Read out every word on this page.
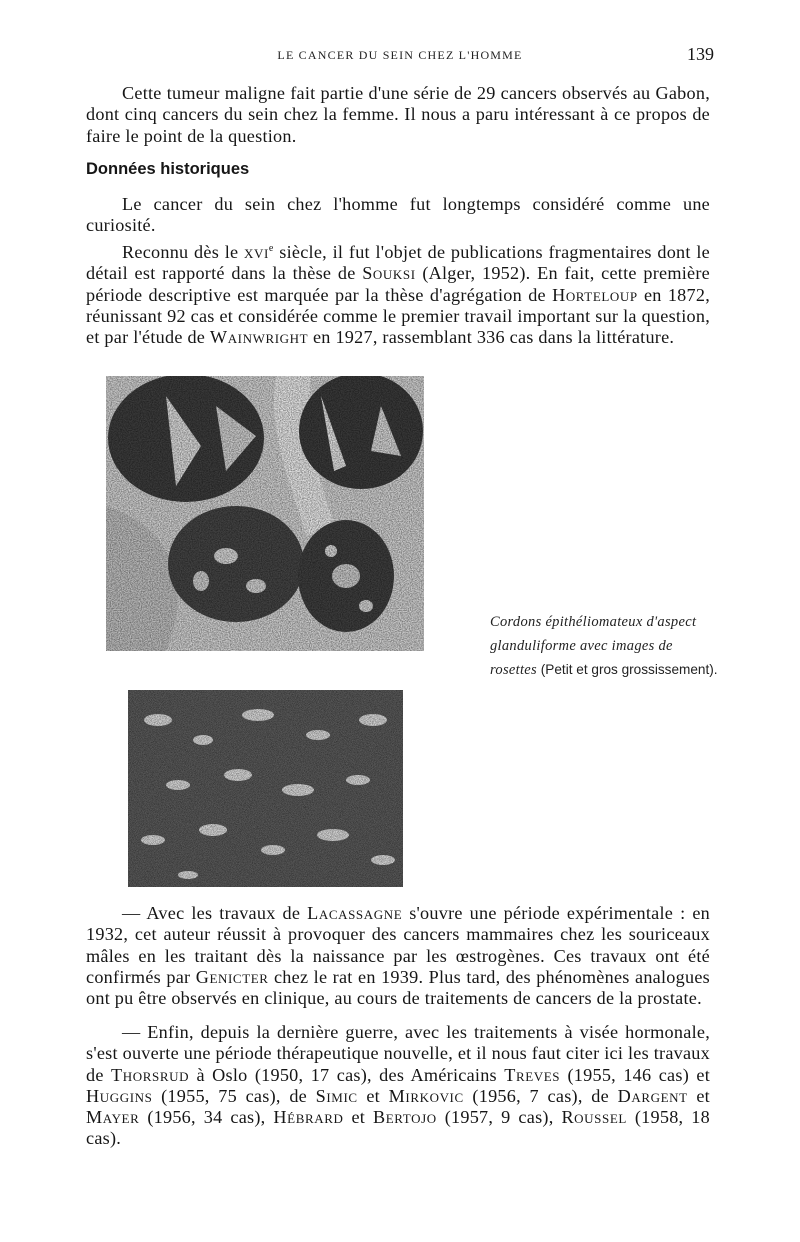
LE CANCER DU SEIN CHEZ L'HOMME	139

Cette tumeur maligne fait partie d'une série de 29 cancers observés au Gabon, dont cinq cancers du sein chez la femme. Il nous a paru intéressant à ce propos de faire le point de la question.

Données historiques

Le cancer du sein chez l'homme fut longtemps considéré comme une curiosité.

Reconnu dès le xvi$^e$ siècle, il fut l'objet de publications fragmentaires dont le détail est rapporté dans la thèse de Souksi (Alger, 1952). En fait, cette première période descriptive est marquée par la thèse d'agrégation de Horteloup en 1872, réunissant 92 cas et considérée comme le premier travail important sur la question, et par l'étude de Wainwright en 1927, rassemblant 336 cas dans la littérature.

Cordons épithéliomateux d'aspect glanduliforme avec images de rosettes (Petit et gros grossissement).

— Avec les travaux de Lacassagne s'ouvre une période expérimentale : en 1932, cet auteur réussit à provoquer des cancers mammaires chez les souriceaux mâles en les traitant dès la naissance par les œstrogènes. Ces travaux ont été confirmés par Genicter chez le rat en 1939. Plus tard, des phénomènes analogues ont pu être observés en clinique, au cours de traitements de cancers de la prostate.

— Enfin, depuis la dernière guerre, avec les traitements à visée hormonale, s'est ouverte une période thérapeutique nouvelle, et il nous faut citer ici les travaux de Thorsrud à Oslo (1950, 17 cas), des Américains Treves (1955, 146 cas) et Huggins (1955, 75 cas), de Simic et Mirkovic (1956, 7 cas), de Dargent et Mayer (1956, 34 cas), Hébrard et Bertojo (1957, 9 cas), Roussel (1958, 18 cas).
